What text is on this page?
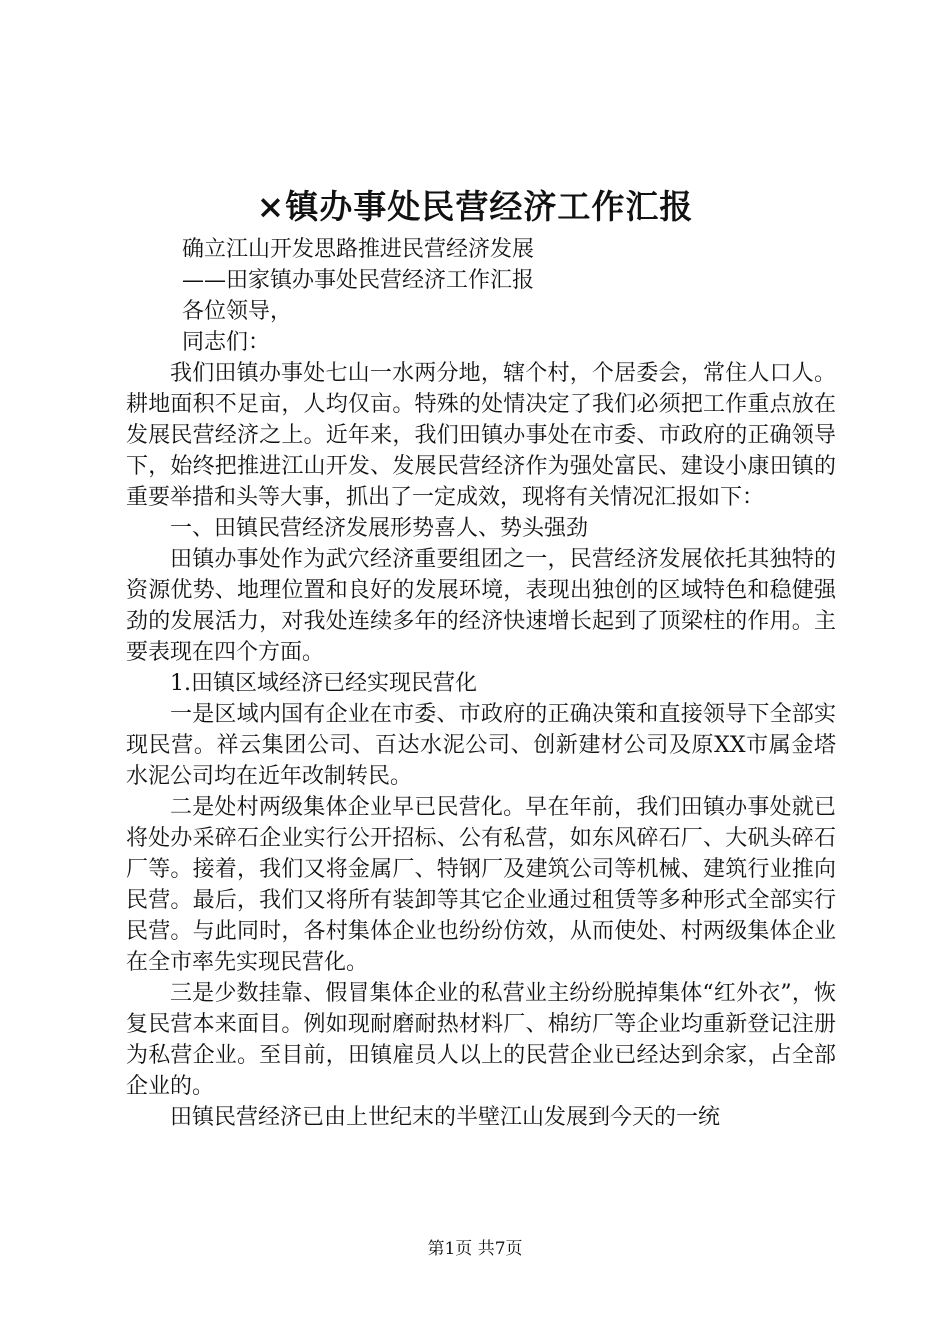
×镇办事处民营经济工作汇报

确立江山开发思路推进民营经济发展

——田家镇办事处民营经济工作汇报

各位领导，

同志们：

我们田镇办事处七山一水两分地，辖个村，个居委会，常住人口人。耕地面积不足亩，人均仅亩。特殊的处情决定了我们必须把工作重点放在发展民营经济之上。近年来，我们田镇办事处在市委、市政府的正确领导下，始终把推进江山开发、发展民营经济作为强处富民、建设小康田镇的重要举措和头等大事，抓出了一定成效，现将有关情况汇报如下：

一、田镇民营经济发展形势喜人、势头强劲

田镇办事处作为武穴经济重要组团之一，民营经济发展依托其独特的资源优势、地理位置和良好的发展环境，表现出独创的区域特色和稳健强劲的发展活力，对我处连续多年的经济快速增长起到了顶梁柱的作用。主要表现在四个方面。

1.田镇区域经济已经实现民营化

一是区域内国有企业在市委、市政府的正确决策和直接领导下全部实现民营。祥云集团公司、百达水泥公司、创新建材公司及原XX市属金塔水泥公司均在近年改制转民。

二是处村两级集体企业早已民营化。早在年前，我们田镇办事处就已将处办采碎石企业实行公开招标、公有私营，如东风碎石厂、大矾头碎石厂等。接着，我们又将金属厂、特钢厂及建筑公司等机械、建筑行业推向民营。最后，我们又将所有装卸等其它企业通过租赁等多种形式全部实行民营。与此同时，各村集体企业也纷纷仿效，从而使处、村两级集体企业在全市率先实现民营化。

三是少数挂靠、假冒集体企业的私营业主纷纷脱掉集体“红外衣”，恢复民营本来面目。例如现耐磨耐热材料厂、棉纺厂等企业均重新登记注册为私营企业。至目前，田镇雇员人以上的民营企业已经达到余家，占全部企业的。

田镇民营经济已由上世纪末的半壁江山发展到今天的一统

第1页 共7页
